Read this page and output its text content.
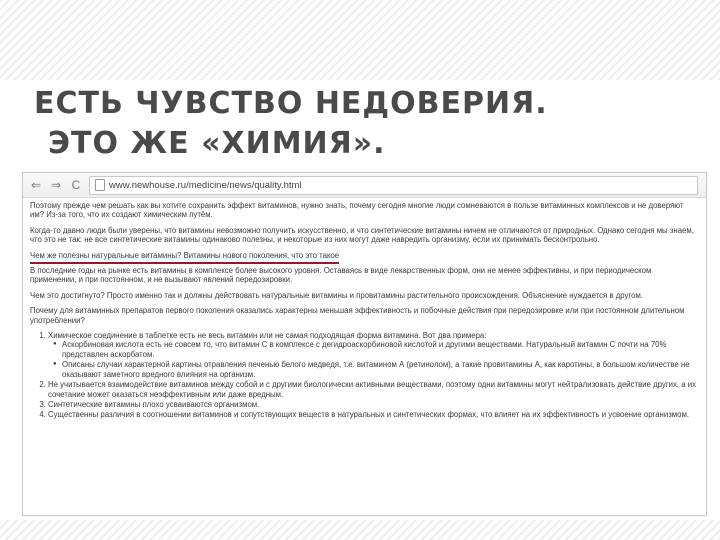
ЕСТЬ ЧУВСТВО НЕДОВЕРИЯ.
ЭТО ЖЕ «ХИМИЯ».
⇐ ⇒ C	www.newhouse.ru/medicine/news/quality.html

Поэтому прежде чем решать как вы хотите сохранить эффект витаминов, нужно знать, почему сегодня многие люди сомневаются в пользе витаминных комплексов и не доверяют им? Из-за того, что их создают химическим путём.

Когда-то давно люди были уверены, что витамины невозможно получить искусственно, и что синтетические витамины ничем не отличаются от природных. Однако сегодня мы знаем, что это не так: не все синтетические витамины одинаково полезны, и некоторые из них могут даже навредить организму, если их принимать бесконтрольно.

Чем же полезны натуральные витамины? Витамины нового поколения, что это такое

В последние годы на рынке есть витамины в комплексе более высокого уровня. Оставаясь в виде лекарственных форм, они не менее эффективны, и при периодическом применении, и при постоянном, и не вызывают явлений передозировки.

Чем это достигнуто? Просто именно так и должны действовать натуральные витамины и провитамины растительного происхождения. Объяснение нуждается в другом.

Почему для витаминных препаратов первого поколения оказались характерны меньшая эффективность и побочные действия при передозировке или при постоянном длительном употреблении?

1. Химическое соединение в таблетке есть не весь витамин или не самая подходящая форма витамина. Вот два примера:
● Аскорбиновая кислота есть не совсем то, что витамин С в комплексе с дегидроаскорбиновой кислотой и другими веществами. Натуральный витамин С почти на 70% представлен аскорбатом.
● Описаны случаи характерной картины отравления печенью белого медведя, т.е. витамином А (ретинолом), а такие провитамины А, как каротины, в большом количестве не оказывают заметного вредного влияния на организм.
2. Не учитывается взаимодействие витаминов между собой и с другими биологически активными веществами, поэтому одни витамины могут нейтрализовать действие других, а их сочетание может оказаться неэффективным или даже вредным.
3. Синтетические витамины плохо усваиваются организмом.
4. Существенны различия в соотношении витаминов и сопутствующих веществ в натуральных и синтетических формах, что влияет на их эффективность и усвоение организмом.
